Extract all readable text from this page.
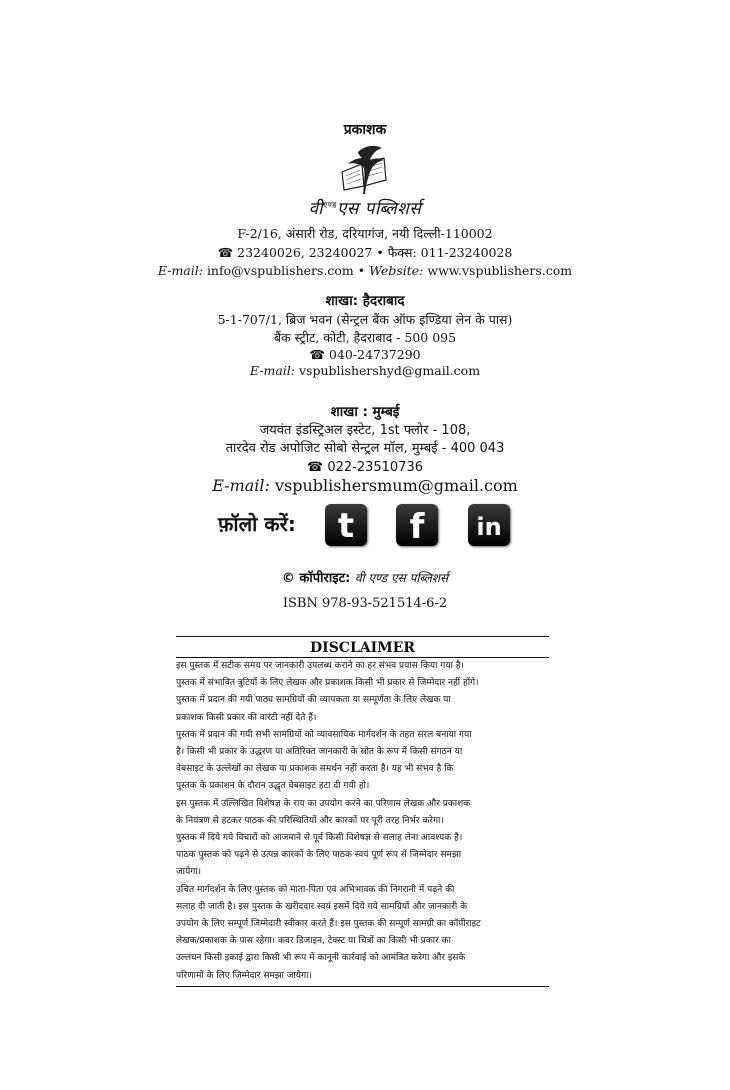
प्रकाशक
वी$^{एण्ड}$एस पब्लिशर्स
F-2/16, अंसारी रोड, दरियागंज, नयी दिल्ली-110002
☎ 23240026, 23240027 • फैक्स: 011-23240028
E-mail: info@vspublishers.com • Website: www.vspublishers.com
शाखा: हैदराबाद
5-1-707/1, ब्रिज भवन (सेन्ट्रल बैंक ऑफ इण्डिया लेन के पास)
बैंक स्ट्रीट, कोटी, हैदराबाद - 500 095
☎ 040-24737290
E-mail: vspublishershyd@gmail.com
शाखा : मुम्बई
जयवंत इंडस्ट्रिअल इस्टेट, 1st फ्लोर - 108,
तारदेव रोड अपोजिट सोबो सेन्ट्रल मॉल, मुम्बई - 400 043
☎ 022-23510736
E-mail: vspublishersmum@gmail.com
फ़ॉलो करें: t f in
© कॉपीराइट: वी एण्ड एस पब्लिशर्स
ISBN 978-93-521514-6-2
DISCLAIMER

इस पुस्तक में सटीक समय पर जानकारी उपलब्ध कराने का हर संभव प्रयास किया गया है।

पुस्तक में संभावित त्रुटियों के लिए लेखक और प्रकाशक किसी भी प्रकार से जिम्मेदार नहीं होंगे।

पुस्तक में प्रदान की गयी पाठ्य सामग्रियों की व्यापकता या सम्पूर्णता के लिए लेखक या

प्रकाशक किसी प्रकार की वारंटी नहीं देते हैं।

पुस्तक में प्रदान की गयी सभी सामग्रियों को व्यावसायिक मार्गदर्शन के तहत सरल बनाया गया

है। किसी भी प्रकार के उद्धरण या अतिरिक्त जानकारी के स्रोत के रूप में किसी संगठन या

वेबसाइट के उल्लेखों का लेखक या प्रकाशक समर्थन नहीं करता है। यह भी संभव है कि

पुस्तक के प्रकाशन के दौरान उद्धृत वेबसाइट हटा दी गयी हो।

इस पुस्तक में उल्लिखित विशेषज्ञ के राय का उपयोग करने का परिणाम लेखक और प्रकाशक

के नियंत्रण से हटकर पाठक की परिस्थितियों और कारकों पर पूरी तरह निर्भर करेगा।

पुस्तक में दिये गये विचारों को आजमाने से पूर्व किसी विशेषज्ञ से सलाह लेना आवश्यक है।

पाठक पुस्तक को पढ़ने से उत्पन्न कारकों के लिए पाठक स्वयं पूर्ण रूप से जिम्मेदार समझा

जायेगा।

उचित मार्गदर्शन के लिए पुस्तक को माता-पिता एवं अभिभावक की निगरानी में पढ़ने की

सलाह दी जाती है। इस पुस्तक के खरीददार स्वयं इसमें दिये गये सामग्रियों और जानकारी के

उपयोग के लिए सम्पूर्ण जिम्मेदारी स्वीकार करते हैं। इस पुस्तक की सम्पूर्ण सामग्री का कॉपीराइट

लेखक/प्रकाशक के पास रहेगा। कवर डिजाइन, टेक्स्ट या चित्रों का किसी भी प्रकार का

उल्लंघन किसी इकाई द्वारा किसी भी रूप में कानूनी कार्रवाई को आमंत्रित करेगा और इसके

परिणामों के लिए जिम्मेदार समझा जायेगा।
